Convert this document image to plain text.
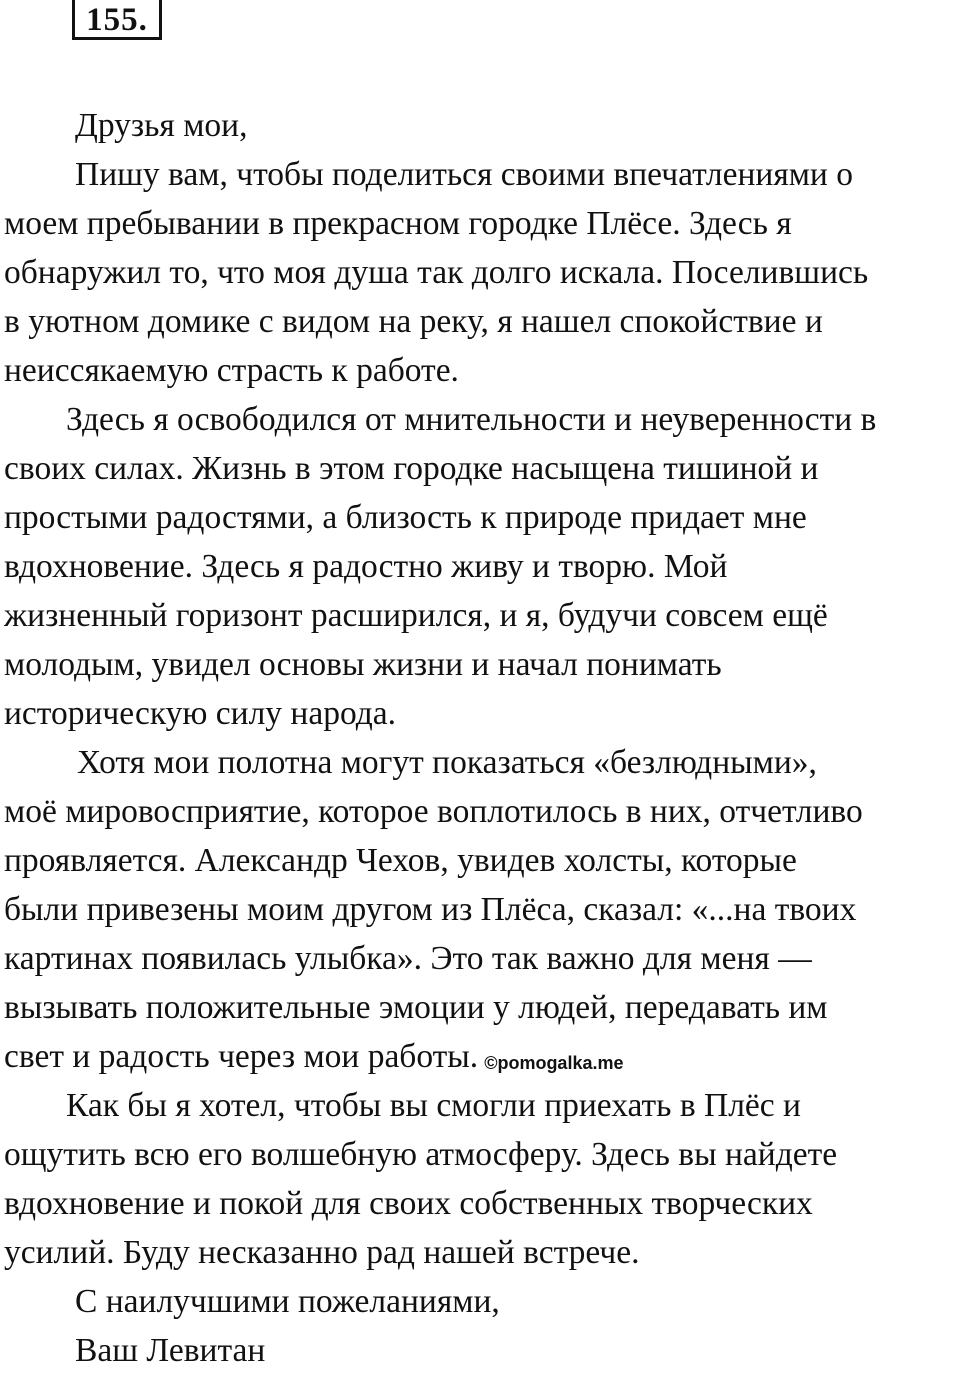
155.
Друзья мои,
Пишу вам, чтобы поделиться своими впечатлениями о
моем пребывании в прекрасном городке Плёсе. Здесь я
обнаружил то, что моя душа так долго искала. Поселившись
в уютном домике с видом на реку, я нашел спокойствие и
неиссякаемую страсть к работе.
Здесь я освободился от мнительности и неуверенности в
своих силах. Жизнь в этом городке насыщена тишиной и
простыми радостями, а близость к природе придает мне
вдохновение. Здесь я радостно живу и творю. Мой
жизненный горизонт расширился, и я, будучи совсем ещё
молодым, увидел основы жизни и начал понимать
историческую силу народа.
Хотя мои полотна могут показаться «безлюдными»,
моё мировосприятие, которое воплотилось в них, отчетливо
проявляется. Александр Чехов, увидев холсты, которые
были привезены моим другом из Плёса, сказал: «...на твоих
картинах появилась улыбка». Это так важно для меня —
вызывать положительные эмоции у людей, передавать им
свет и радость через мои работы. ©pomogalka.me
Как бы я хотел, чтобы вы смогли приехать в Плёс и
ощутить всю его волшебную атмосферу. Здесь вы найдете
вдохновение и покой для своих собственных творческих
усилий. Буду несказанно рад нашей встрече.
С наилучшими пожеланиями,
Ваш Левитан
